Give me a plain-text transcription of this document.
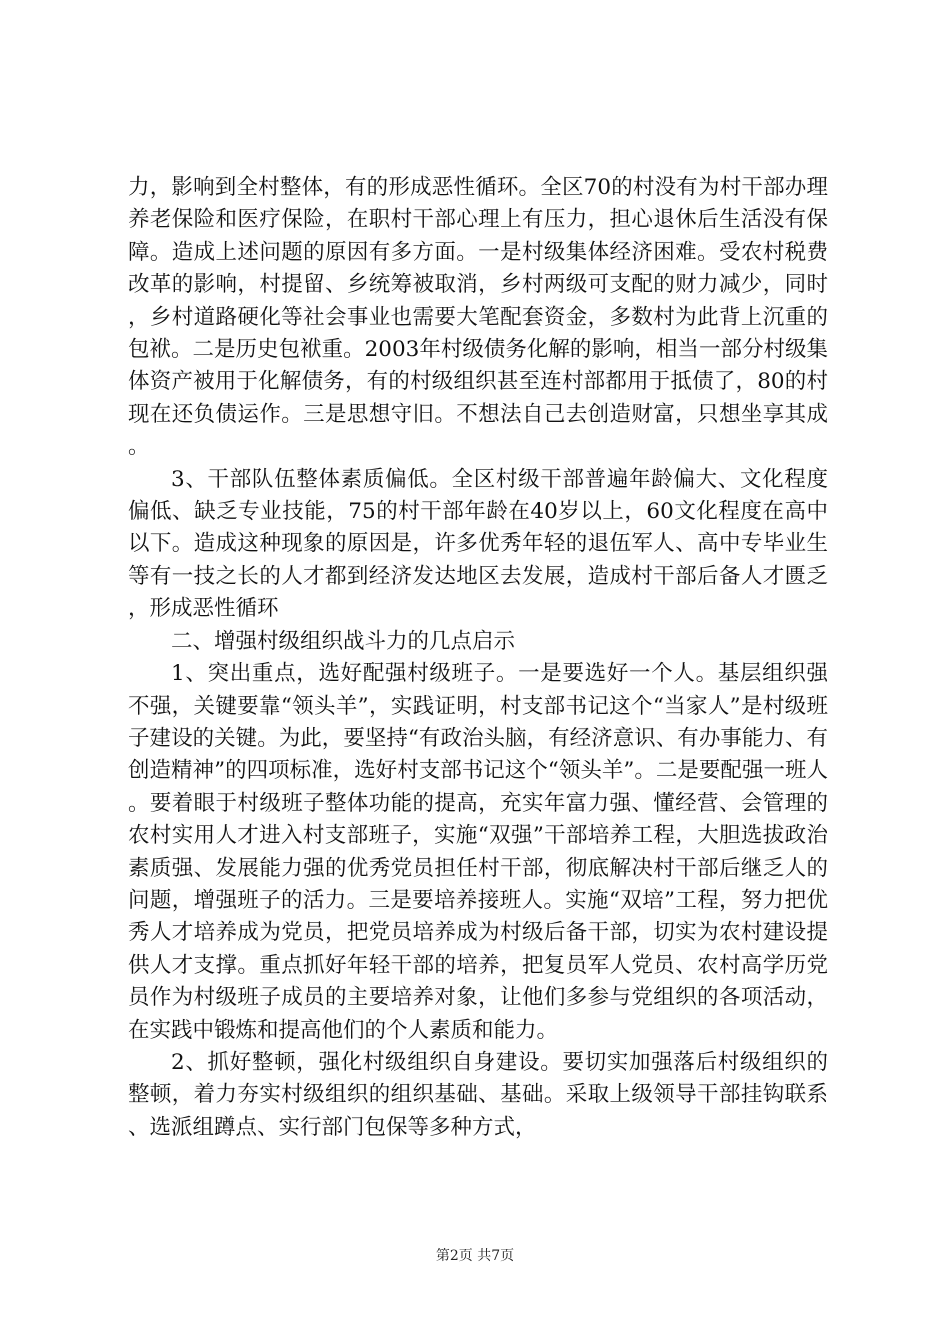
力，影响到全村整体，有的形成恶性循环。全区70的村没有为村干部办理养老保险和医疗保险，在职村干部心理上有压力，担心退休后生活没有保障。造成上述问题的原因有多方面。一是村级集体经济困难。受农村税费改革的影响，村提留、乡统筹被取消，乡村两级可支配的财力减少，同时，乡村道路硬化等社会事业也需要大笔配套资金，多数村为此背上沉重的包袱。二是历史包袱重。2003年村级债务化解的影响，相当一部分村级集体资产被用于化解债务，有的村级组织甚至连村部都用于抵债了，80的村现在还负债运作。三是思想守旧。不想法自己去创造财富，只想坐享其成。

3、干部队伍整体素质偏低。全区村级干部普遍年龄偏大、文化程度偏低、缺乏专业技能，75的村干部年龄在40岁以上，60文化程度在高中以下。造成这种现象的原因是，许多优秀年轻的退伍军人、高中专毕业生等有一技之长的人才都到经济发达地区去发展，造成村干部后备人才匮乏，形成恶性循环

二、增强村级组织战斗力的几点启示

1、突出重点，选好配强村级班子。一是要选好一个人。基层组织强不强，关键要靠“领头羊”，实践证明，村支部书记这个“当家人”是村级班子建设的关键。为此，要坚持“有政治头脑，有经济意识、有办事能力、有创造精神”的四项标准，选好村支部书记这个“领头羊”。二是要配强一班人。要着眼于村级班子整体功能的提高，充实年富力强、懂经营、会管理的农村实用人才进入村支部班子，实施“双强”干部培养工程，大胆选拔政治素质强、发展能力强的优秀党员担任村干部，彻底解决村干部后继乏人的问题，增强班子的活力。三是要培养接班人。实施“双培”工程，努力把优秀人才培养成为党员，把党员培养成为村级后备干部，切实为农村建设提供人才支撑。重点抓好年轻干部的培养，把复员军人党员、农村高学历党员作为村级班子成员的主要培养对象，让他们多参与党组织的各项活动，在实践中锻炼和提高他们的个人素质和能力。

2、抓好整顿，强化村级组织自身建设。要切实加强落后村级组织的整顿，着力夯实村级组织的组织基础、基础。采取上级领导干部挂钩联系、选派组蹲点、实行部门包保等多种方式，

第2页 共7页
